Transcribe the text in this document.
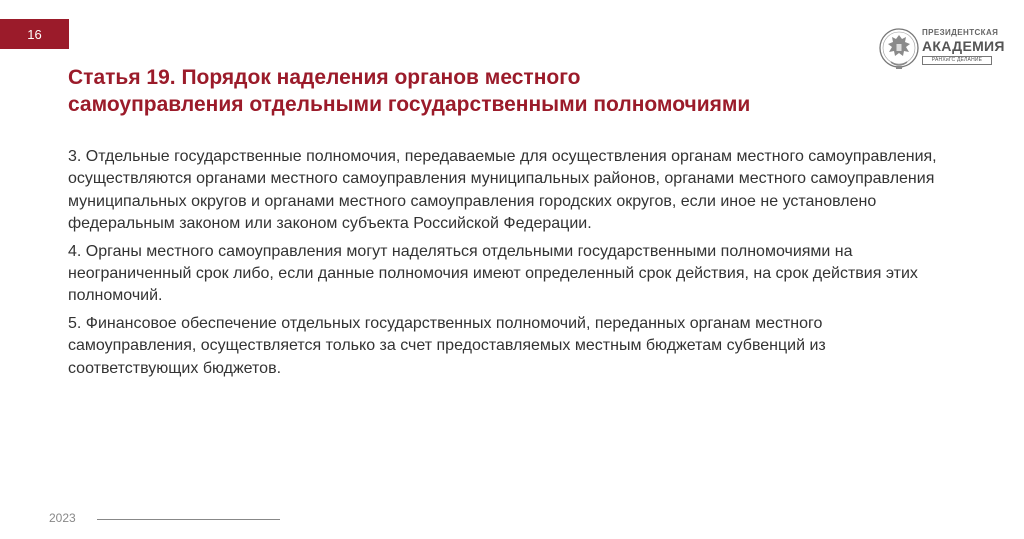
16	ПРЕЗИДЕНТСКАЯ
АКАДЕМИЯ
РАНХиГС ДЕЛАНИЕ
Статья 19. Порядок наделения органов местного
самоуправления отдельными государственными полномочиями

3. Отдельные государственные полномочия, передаваемые для осуществления органам местного самоуправления, осуществляются органами местного самоуправления муниципальных районов, органами местного самоуправления муниципальных округов и органами местного самоуправления городских округов, если иное не установлено федеральным законом или законом субъекта Российской Федерации.

4. Органы местного самоуправления могут наделяться отдельными государственными полномочиями на неограниченный срок либо, если данные полномочия имеют определенный срок действия, на срок действия этих полномочий.

5. Финансовое обеспечение отдельных государственных полномочий, переданных органам местного самоуправления, осуществляется только за счет предоставляемых местным бюджетам субвенций из соответствующих бюджетов.

2023
